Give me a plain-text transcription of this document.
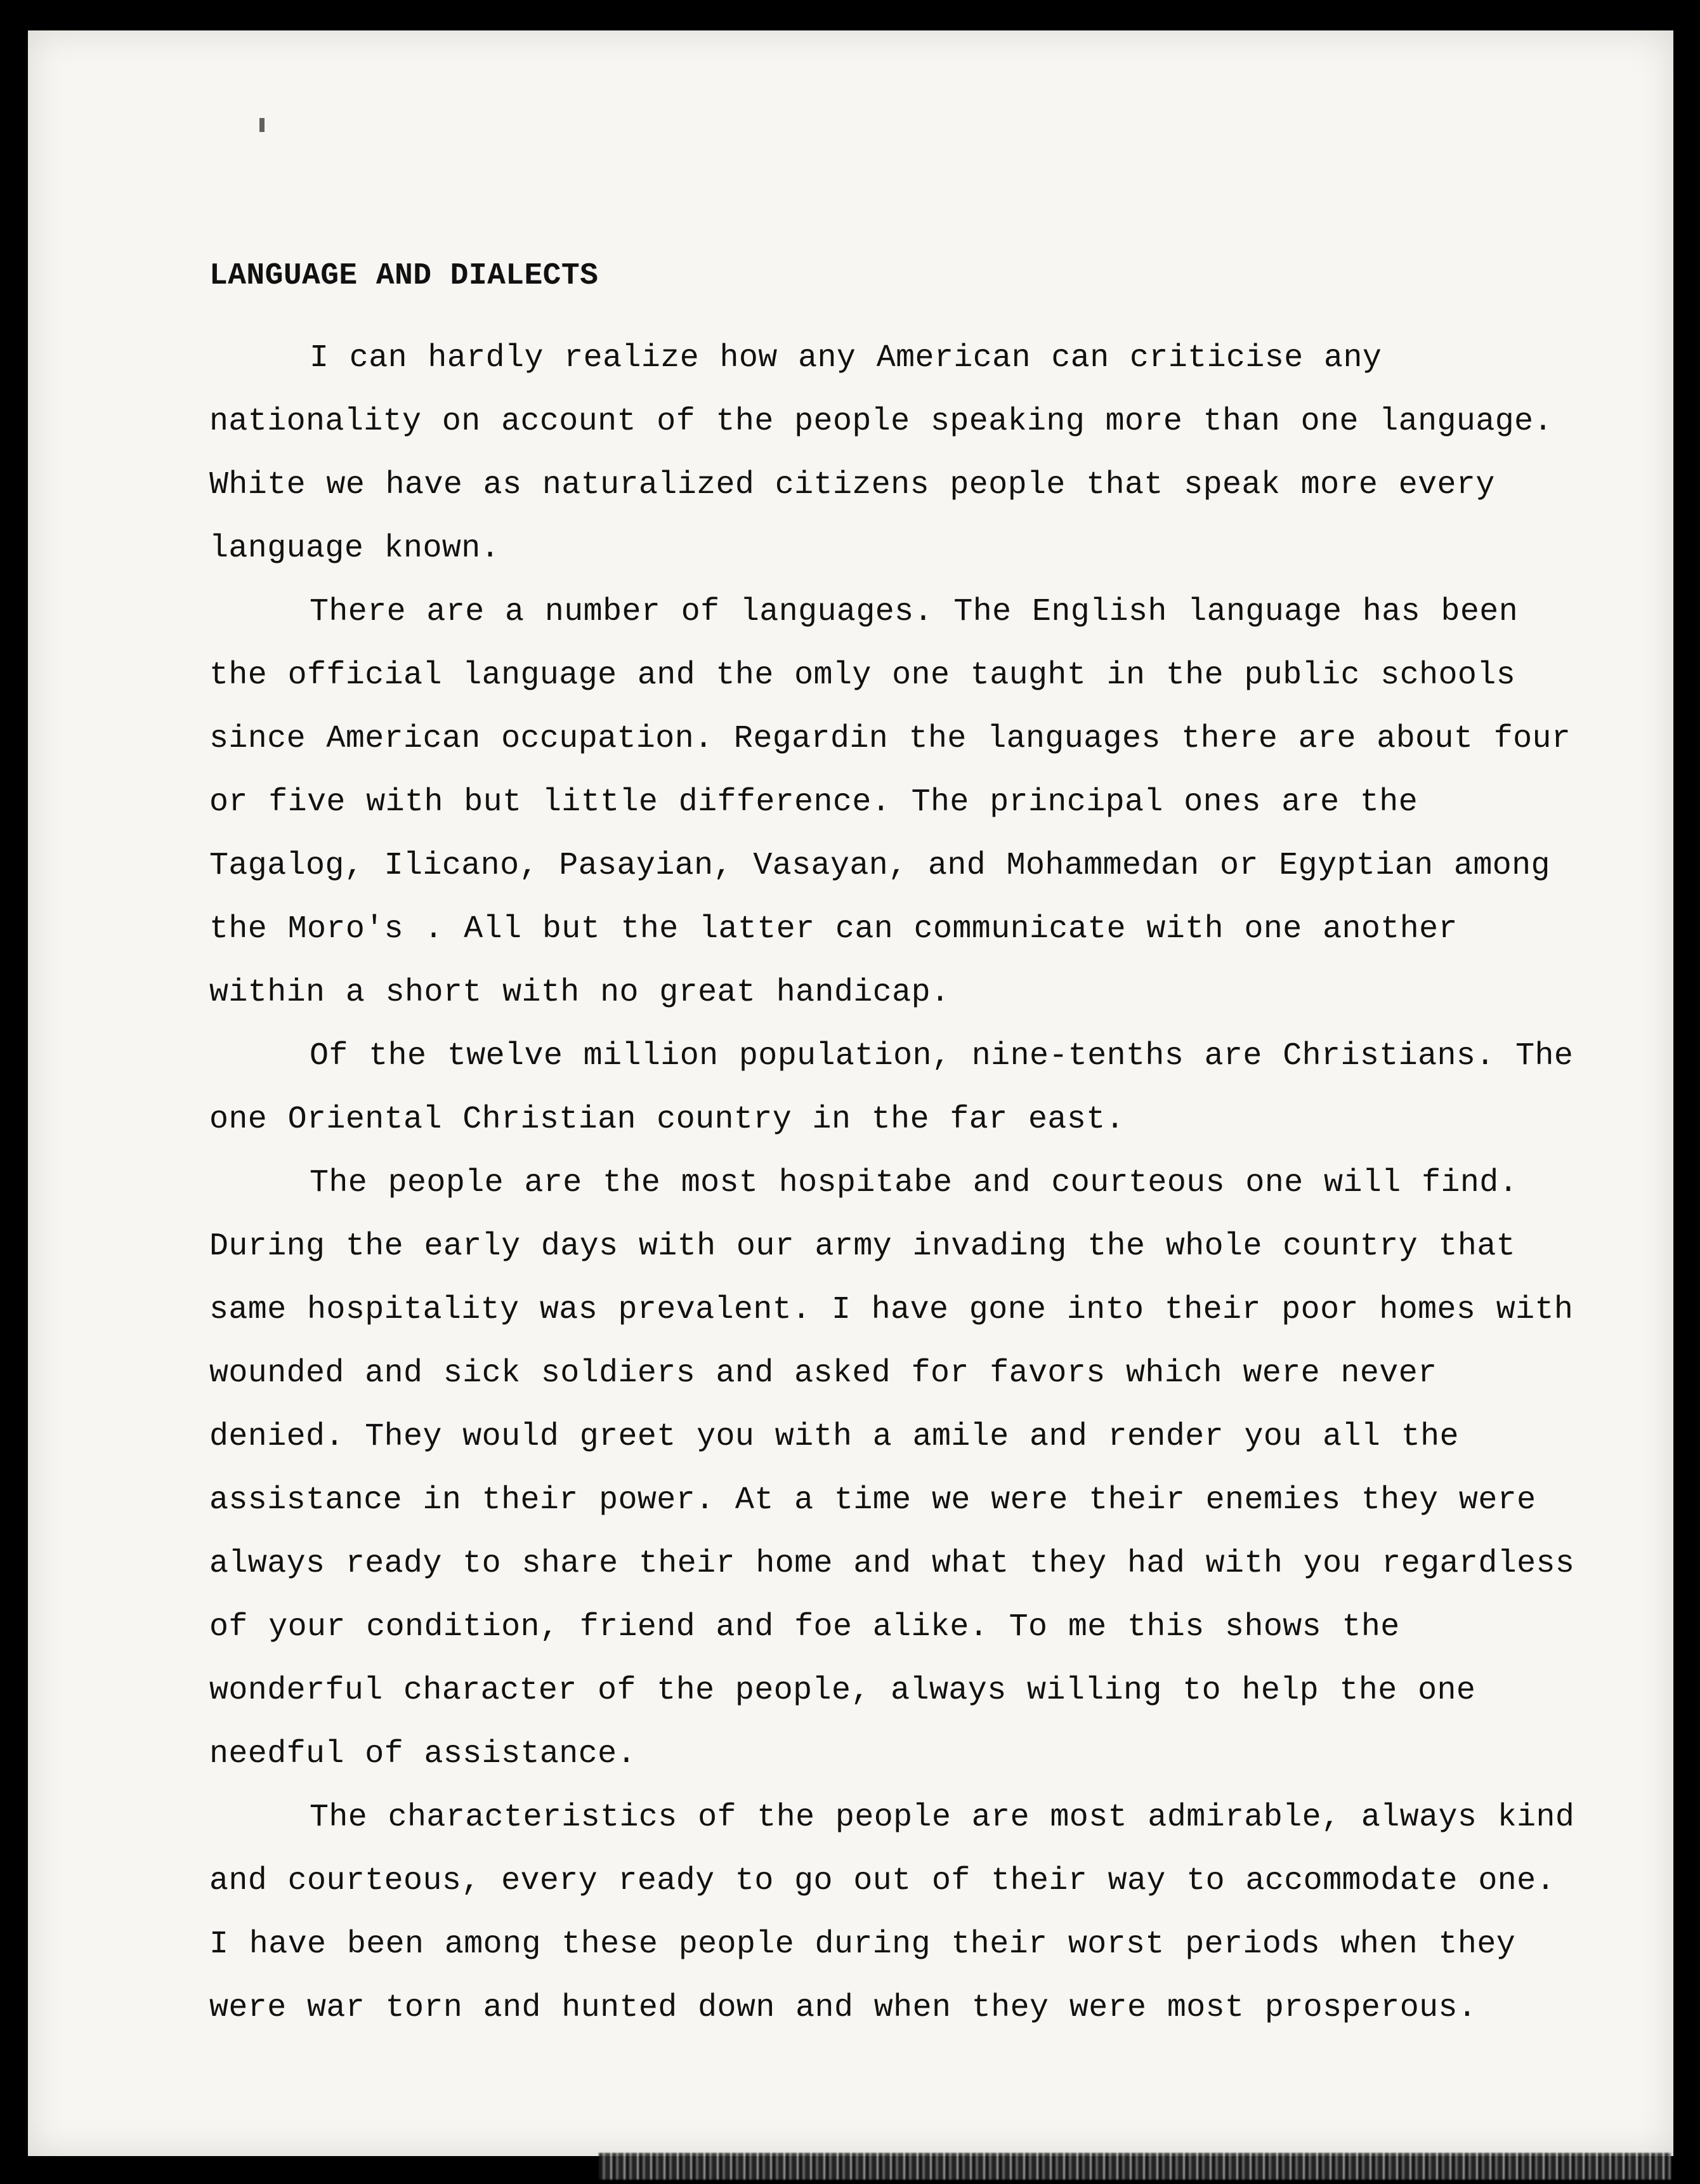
LANGUAGE AND DIALECTS

I can hardly realize how any American can criticise any nationality on account of the people speaking more than one language. White we have as naturalized citizens people that speak more every language known.

There are a number of languages. The English language has been the official language and the omly one taught in the public schools since American occupation. Regardin the languages there are about four or five with but little difference. The principal ones are the Tagalog, Ilicano, Pasayian, Vasayan, and Mohammedan or Egyptian among the Moro's . All but the latter can communicate with one another within a short with no great handicap.

Of the twelve million population, nine-tenths are Christians. The one Oriental Christian country in the far east.

The people are the most hospitabe and courteous one will find. During the early days with our army invading the whole country that same hospitality was prevalent. I have gone into their poor homes with wounded and sick soldiers and asked for favors which were never denied. They would greet you with a amile and render you all the assistance in their power. At a time we were their enemies they were always ready to share their home and what they had with you regardless of your condition, friend and foe alike. To me this shows the wonderful character of the people, always willing to help the one needful of assistance.

The characteristics of the people are most admirable, always kind and courteous, every ready to go out of their way to accommodate one. I have been among these people during their worst periods when they were war torn and hunted down and when they were most prosperous.
